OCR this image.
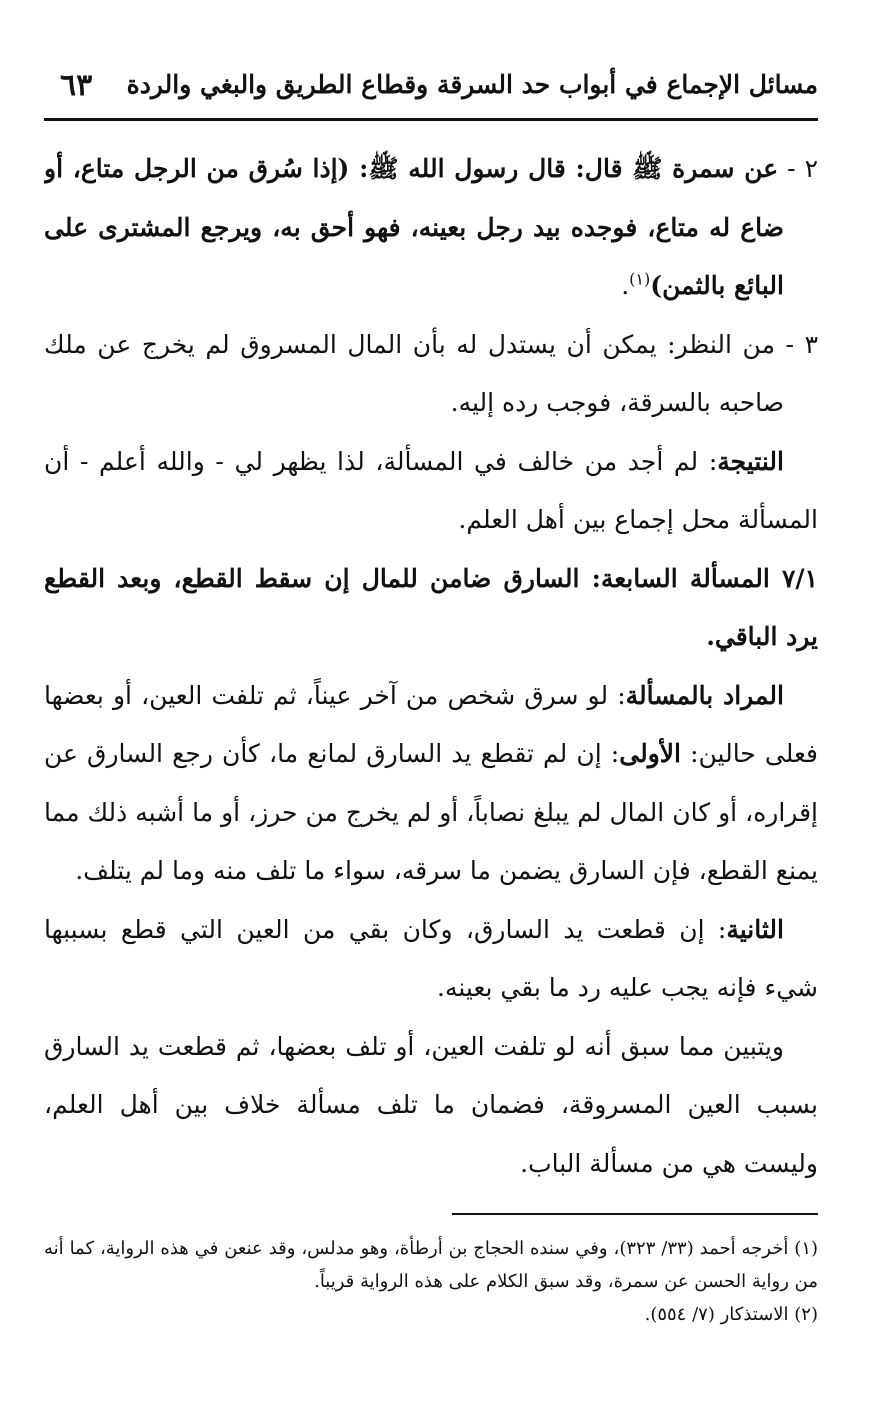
مسائل الإجماع في أبواب حد السرقة وقطاع الطريق والبغي والردة
٦٣

٢ - عن سمرة ﷺ قال: قال رسول الله ﷺ: (إذا سُرق من الرجل متاع، أو ضاع له متاع، فوجده بيد رجل بعينه، فهو أحق به، ويرجع المشترى على البائع بالثمن)$^{(١)}$.

٣ - من النظر: يمكن أن يستدل له بأن المال المسروق لم يخرج عن ملك صاحبه بالسرقة، فوجب رده إليه.

النتيجة: لم أجد من خالف في المسألة، لذا يظهر لي - والله أعلم - أن المسألة محل إجماع بين أهل العلم.

٧/١ المسألة السابعة: السارق ضامن للمال إن سقط القطع، وبعد القطع يرد الباقي.

المراد بالمسألة: لو سرق شخص من آخر عيناً، ثم تلفت العين، أو بعضها فعلى حالين: الأولى: إن لم تقطع يد السارق لمانع ما، كأن رجع السارق عن إقراره، أو كان المال لم يبلغ نصاباً، أو لم يخرج من حرز، أو ما أشبه ذلك مما يمنع القطع، فإن السارق يضمن ما سرقه، سواء ما تلف منه وما لم يتلف.

الثانية: إن قطعت يد السارق، وكان بقي من العين التي قطع بسببها شيء فإنه يجب عليه رد ما بقي بعينه.

ويتبين مما سبق أنه لو تلفت العين، أو تلف بعضها، ثم قطعت يد السارق بسبب العين المسروقة، فضمان ما تلف مسألة خلاف بين أهل العلم، وليست هي من مسألة الباب.

(١) أخرجه أحمد (٣٣/ ٣٢٣)، وفي سنده الحجاج بن أرطأة، وهو مدلس، وقد عنعن في هذه الرواية، كما أنه من رواية الحسن عن سمرة، وقد سبق الكلام على هذه الرواية قريباً.

(٢) الاستذكار (٧/ ٥٥٤).
